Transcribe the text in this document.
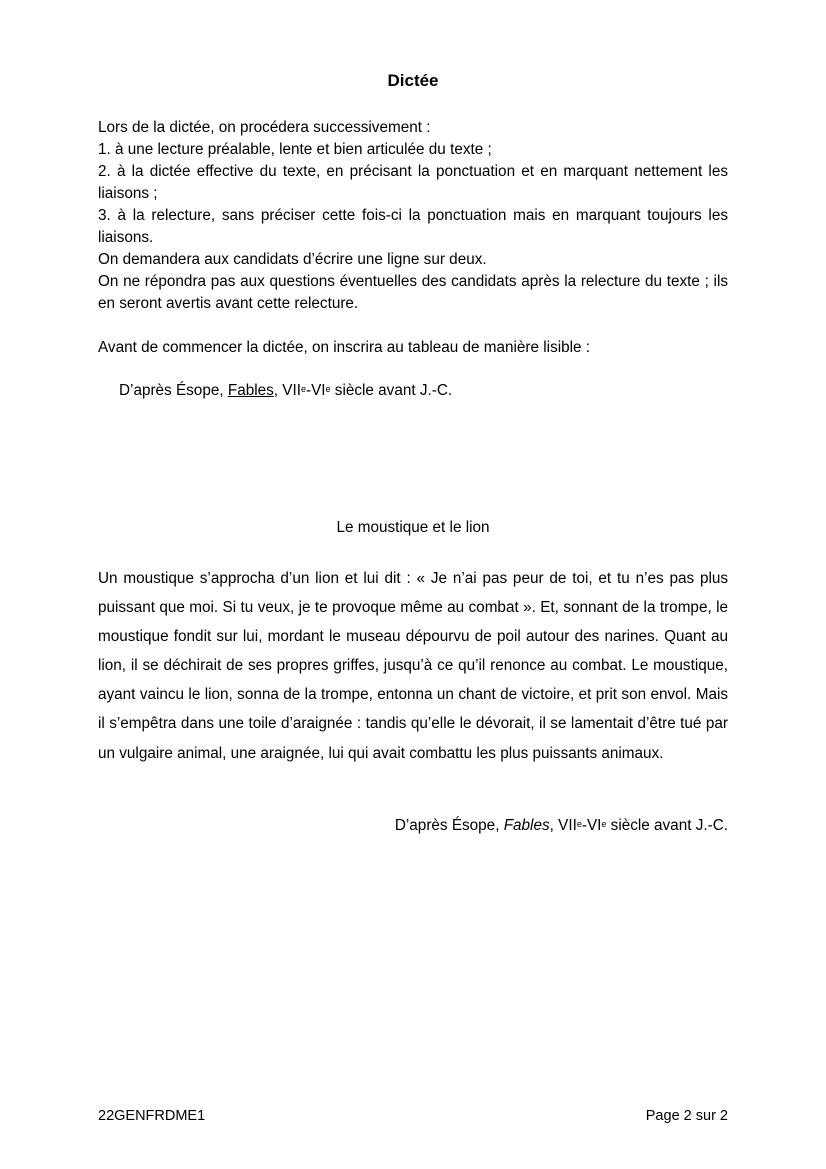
Dictée

Lors de la dictée, on procédera successivement :

1. à une lecture préalable, lente et bien articulée du texte ;

2. à la dictée effective du texte, en précisant la ponctuation et en marquant nettement les liaisons ;

3. à la relecture, sans préciser cette fois-ci la ponctuation mais en marquant toujours les liaisons.

On demandera aux candidats d’écrire une ligne sur deux.

On ne répondra pas aux questions éventuelles des candidats après la relecture du texte ; ils en seront avertis avant cette relecture.

Avant de commencer la dictée, on inscrira au tableau de manière lisible :
D’après Ésope, Fables, VIIe-VIe siècle avant J.-C.
Le moustique et le lion

Un moustique s’approcha d’un lion et lui dit : « Je n’ai pas peur de toi, et tu n’es pas plus puissant que moi. Si tu veux, je te provoque même au combat ». Et, sonnant de la trompe, le moustique fondit sur lui, mordant le museau dépourvu de poil autour des narines. Quant au lion, il se déchirait de ses propres griffes, jusqu’à ce qu’il renonce au combat. Le moustique, ayant vaincu le lion, sonna de la trompe, entonna un chant de victoire, et prit son envol. Mais il s’empêtra dans une toile d’araignée : tandis qu’elle le dévorait, il se lamentait d’être tué par un vulgaire animal, une araignée, lui qui avait combattu les plus puissants animaux.

D’après Ésope, Fables, VIIe-VIe siècle avant J.-C.
22GENFRDME1	Page 2 sur 2
